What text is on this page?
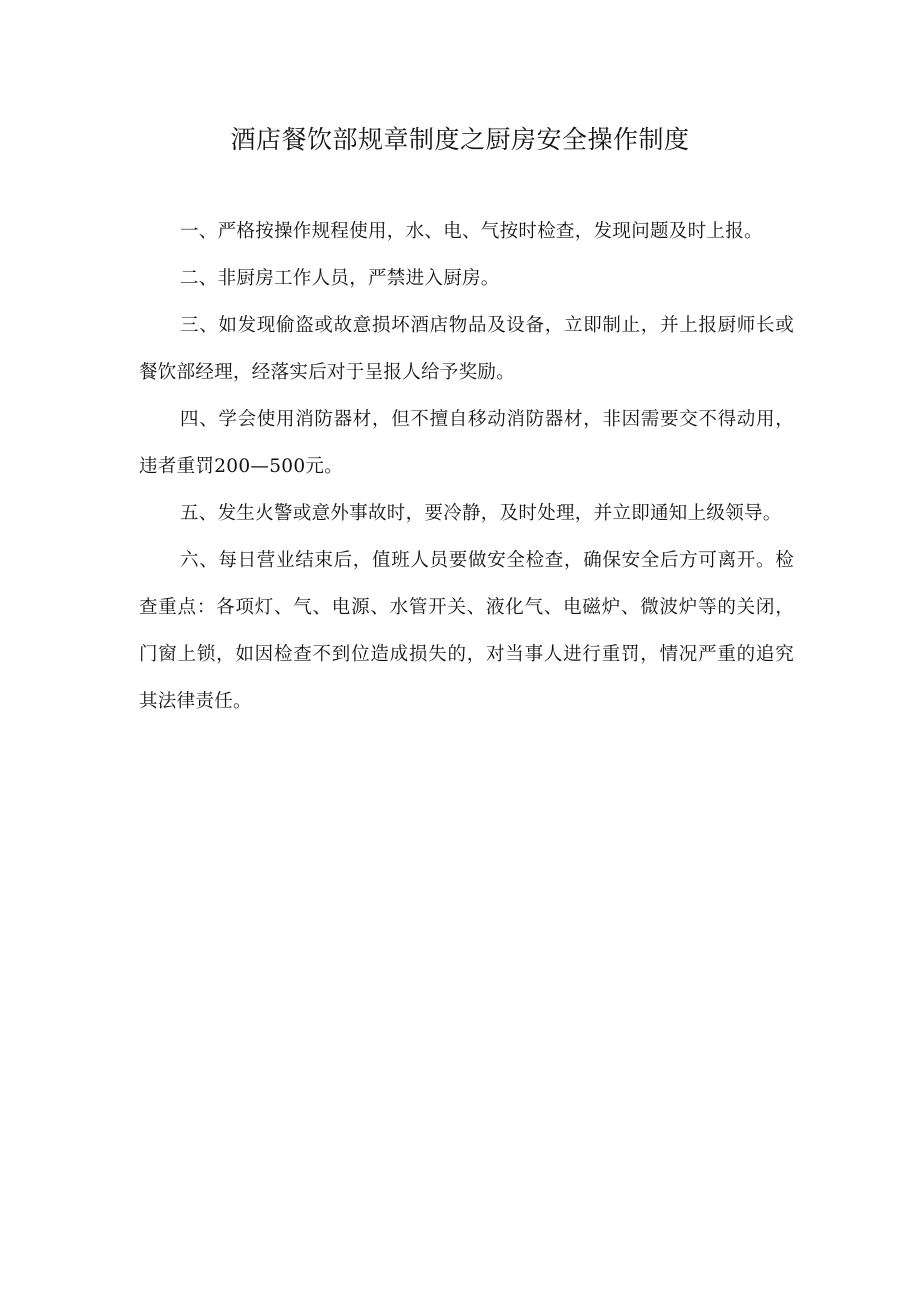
酒店餐饮部规章制度之厨房安全操作制度

一、严格按操作规程使用，水、电、气按时检查，发现问题及时上报。

二、非厨房工作人员，严禁进入厨房。

三、如发现偷盗或故意损坏酒店物品及设备，立即制止，并上报厨师长或餐饮部经理，经落实后对于呈报人给予奖励。

四、学会使用消防器材，但不擅自移动消防器材，非因需要交不得动用，违者重罚200—500元。

五、发生火警或意外事故时，要冷静，及时处理，并立即通知上级领导。

六、每日营业结束后，值班人员要做安全检查，确保安全后方可离开。检查重点：各项灯、气、电源、水管开关、液化气、电磁炉、微波炉等的关闭，门窗上锁，如因检查不到位造成损失的，对当事人进行重罚，情况严重的追究其法律责任。
